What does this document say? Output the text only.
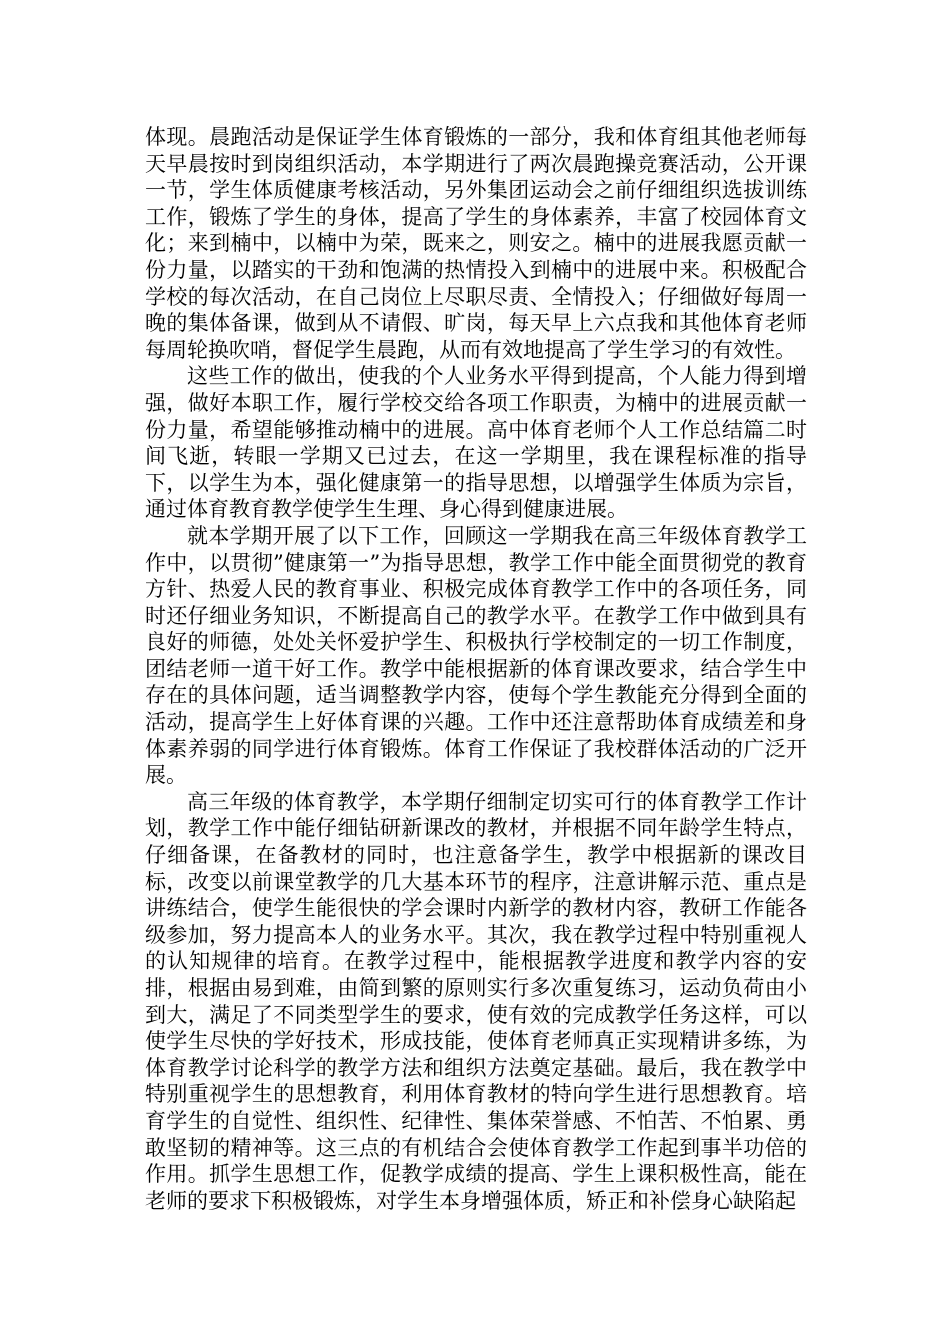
体现。晨跑活动是保证学生体育锻炼的一部分，我和体育组其他老师每天早晨按时到岗组织活动，本学期进行了两次晨跑操竞赛活动，公开课一节，学生体质健康考核活动，另外集团运动会之前仔细组织选拔训练工作，锻炼了学生的身体，提高了学生的身体素养，丰富了校园体育文化；来到楠中，以楠中为荣，既来之，则安之。楠中的进展我愿贡献一份力量，以踏实的干劲和饱满的热情投入到楠中的进展中来。积极配合学校的每次活动，在自己岗位上尽职尽责、全情投入；仔细做好每周一晚的集体备课，做到从不请假、旷岗，每天早上六点我和其他体育老师每周轮换吹哨，督促学生晨跑，从而有效地提高了学生学习的有效性。

这些工作的做出，使我的个人业务水平得到提高，个人能力得到增强，做好本职工作，履行学校交给各项工作职责，为楠中的进展贡献一份力量，希望能够推动楠中的进展。高中体育老师个人工作总结篇二时间飞逝，转眼一学期又已过去，在这一学期里，我在课程标准的指导下，以学生为本，强化健康第一的指导思想，以增强学生体质为宗旨，通过体育教育教学使学生生理、身心得到健康进展。

就本学期开展了以下工作，回顾这一学期我在高三年级体育教学工作中，以贯彻”健康第一”为指导思想，教学工作中能全面贯彻党的教育方针、热爱人民的教育事业、积极完成体育教学工作中的各项任务，同时还仔细业务知识，不断提高自己的教学水平。在教学工作中做到具有良好的师德，处处关怀爱护学生、积极执行学校制定的一切工作制度，团结老师一道干好工作。教学中能根据新的体育课改要求，结合学生中存在的具体问题，适当调整教学内容，使每个学生教能充分得到全面的活动，提高学生上好体育课的兴趣。工作中还注意帮助体育成绩差和身体素养弱的同学进行体育锻炼。体育工作保证了我校群体活动的广泛开展。

高三年级的体育教学，本学期仔细制定切实可行的体育教学工作计划，教学工作中能仔细钻研新课改的教材，并根据不同年龄学生特点，仔细备课，在备教材的同时，也注意备学生，教学中根据新的课改目标，改变以前课堂教学的几大基本环节的程序，注意讲解示范、重点是讲练结合，使学生能很快的学会课时内新学的教材内容，教研工作能各级参加，努力提高本人的业务水平。其次，我在教学过程中特别重视人的认知规律的培育。在教学过程中，能根据教学进度和教学内容的安排，根据由易到难，由简到繁的原则实行多次重复练习，运动负荷由小到大，满足了不同类型学生的要求，使有效的完成教学任务这样，可以使学生尽快的学好技术，形成技能，使体育老师真正实现精讲多练，为体育教学讨论科学的教学方法和组织方法奠定基础。最后，我在教学中特别重视学生的思想教育，利用体育教材的特向学生进行思想教育。培育学生的自觉性、组织性、纪律性、集体荣誉感、不怕苦、不怕累、勇敢坚韧的精神等。这三点的有机结合会使体育教学工作起到事半功倍的作用。抓学生思想工作，促教学成绩的提高、学生上课积极性高，能在老师的要求下积极锻炼，对学生本身增强体质，矫正和补偿身心缺陷起
